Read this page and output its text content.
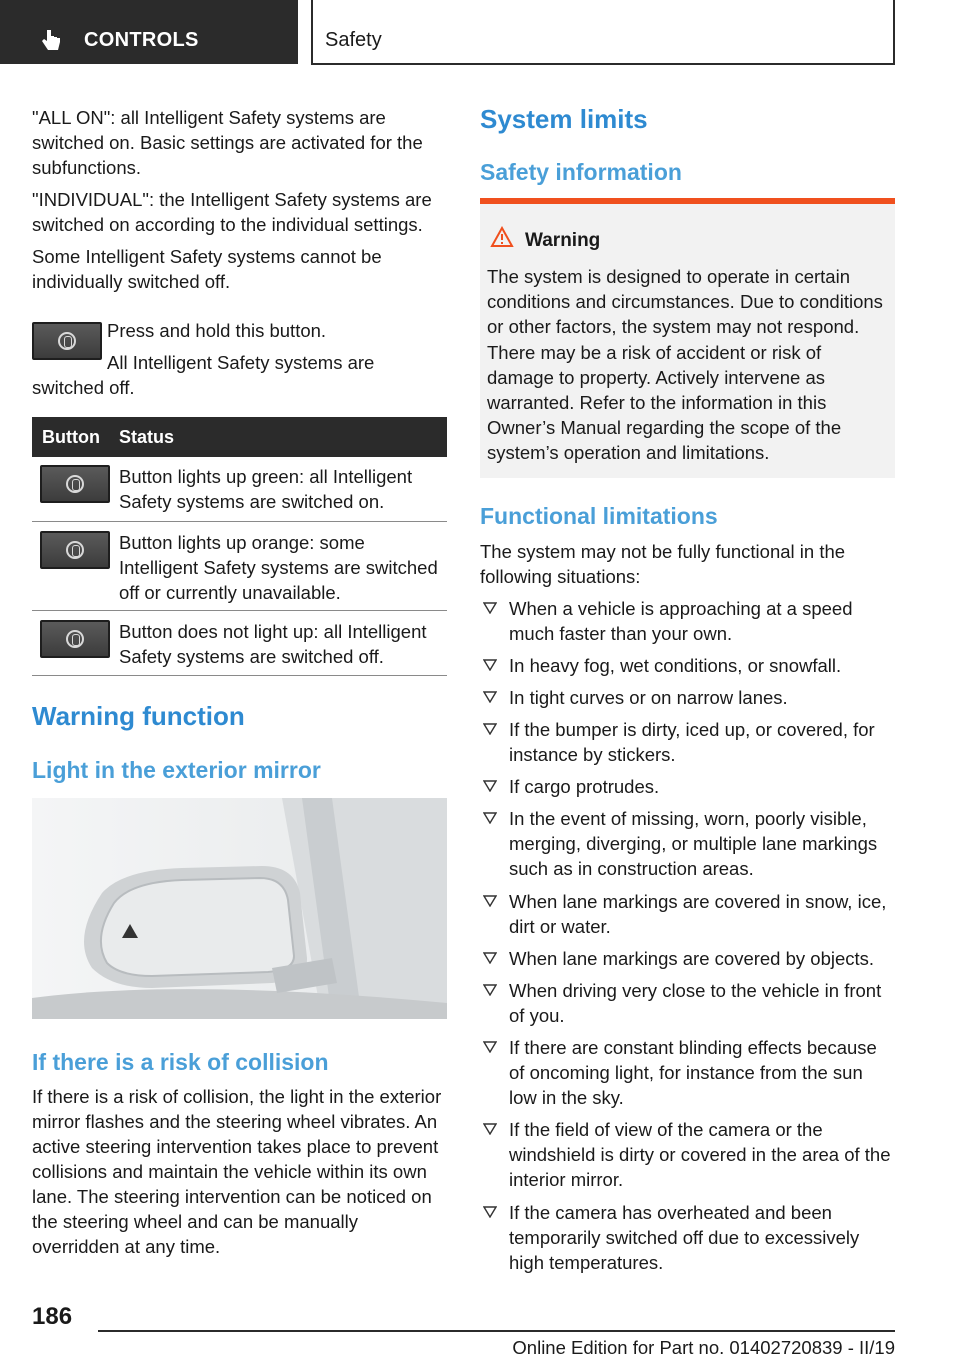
CONTROLS	Safety

"ALL ON": all Intelligent Safety systems are switched on. Basic settings are activated for the subfunctions.

"INDIVIDUAL": the Intelligent Safety systems are switched on according to the individual settings.

Some Intelligent Safety systems cannot be individually switched off.

Press and hold this button.

All Intelligent Safety systems are

switched off.

Button Status
Button lights up green: all Intelligent Safety systems are switched on.
Button lights up orange: some Intelligent Safety systems are switched off or currently unavailable.
Button does not light up: all Intelligent Safety systems are switched off.
Warning function
Light in the exterior mirror
If there is a risk of collision

If there is a risk of collision, the light in the exterior mirror flashes and the steering wheel vibrates. An active steering intervention takes place to prevent collisions and maintain the vehicle within its own lane. The steering intervention can be noticed on the steering wheel and can be manually overridden at any time.

System limits
Safety information
Warning

The system is designed to operate in certain conditions and circumstances. Due to conditions or other factors, the system may not respond. There may be a risk of accident or risk of damage to property. Actively intervene as warranted. Refer to the information in this Owner’s Manual regarding the scope of the system’s operation and limitations.

Functional limitations

The system may not be fully functional in the following situations:

When a vehicle is approaching at a speed much faster than your own.
In heavy fog, wet conditions, or snowfall.
In tight curves or on narrow lanes.
If the bumper is dirty, iced up, or covered, for instance by stickers.
If cargo protrudes.
In the event of missing, worn, poorly visible, merging, diverging, or multiple lane markings such as in construction areas.
When lane markings are covered in snow, ice, dirt or water.
When lane markings are covered by objects.
When driving very close to the vehicle in front of you.
If there are constant blinding effects because of oncoming light, for instance from the sun low in the sky.
If the field of view of the camera or the windshield is dirty or covered in the area of the interior mirror.
If the camera has overheated and been temporarily switched off due to excessively high temperatures.
186
Online Edition for Part no. 01402720839 - II/19
